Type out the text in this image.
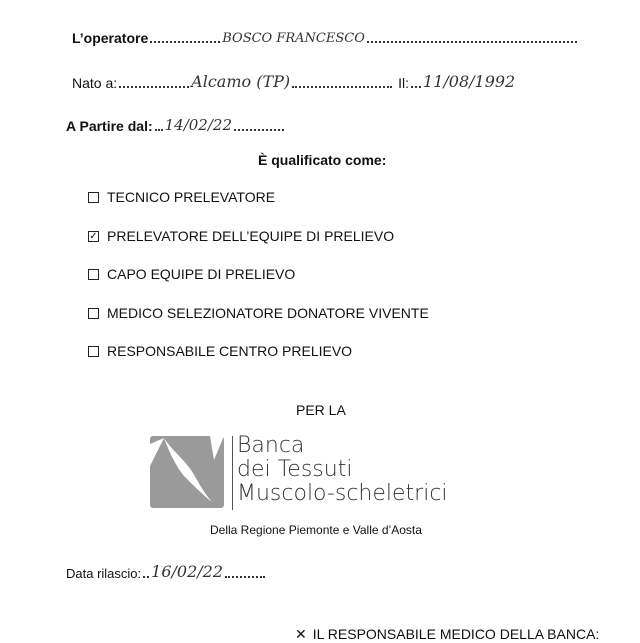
L’operatore	BOSCO FRANCESCO
Nato a:	Alcamo (TP)	Il: 11/08/1992
A Partire dal: 14/02/22
È qualificato come:
TECNICO PRELEVATORE
✓ PRELEVATORE DELL’EQUIPE DI PRELIEVO
CAPO EQUIPE DI PRELIEVO
MEDICO SELEZIONATORE DONATORE VIVENTE
RESPONSABILE CENTRO PRELIEVO
PER LA
Banca
dei Tessuti
Muscolo-scheletrici
Della Regione Piemonte e Valle d’Aosta
Data rilascio: 16/02/22
✕ IL RESPONSABILE MEDICO DELLA BANCA:
